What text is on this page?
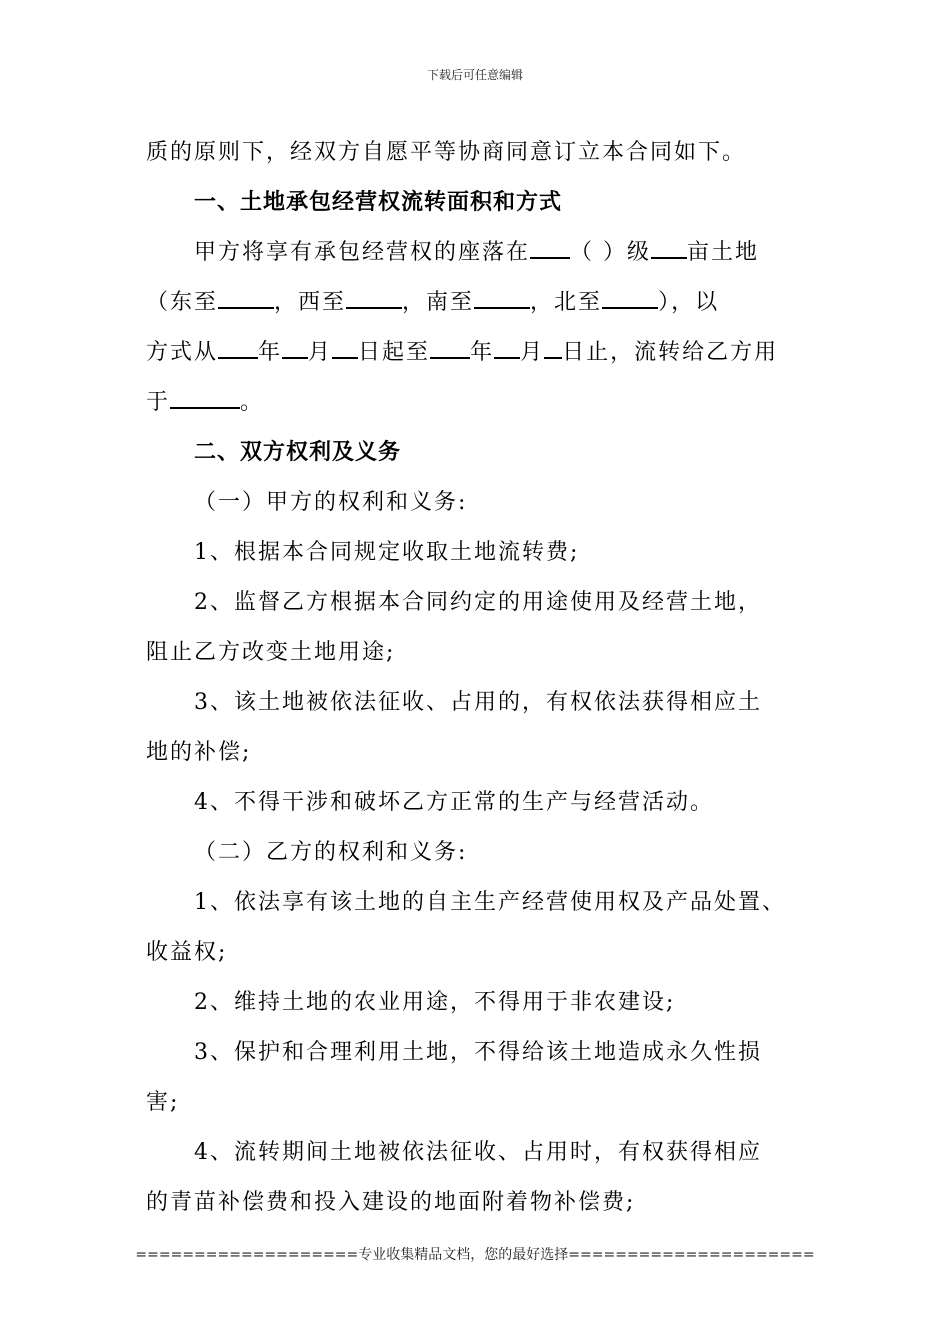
下载后可任意编辑

质的原则下，经双方自愿平等协商同意订立本合同如下。

一、土地承包经营权流转面积和方式

甲方将享有承包经营权的座落在 （ ）级 亩土地

（东至	，西至	，南至	，北至	），以

方式从 年 月 日起至 年 月 日止，流转给乙方用

于	。

二、双方权利及义务

（一）甲方的权利和义务:

1、根据本合同规定收取土地流转费;

2、监督乙方根据本合同约定的用途使用及经营土地，

阻止乙方改变土地用途;

3、该土地被依法征收、占用的，有权依法获得相应土

地的补偿;

4、不得干涉和破坏乙方正常的生产与经营活动。

（二）乙方的权利和义务:

1、依法享有该土地的自主生产经营使用权及产品处置、

收益权;

2、维持土地的农业用途，不得用于非农建设;

3、保护和合理利用土地，不得给该土地造成永久性损

害;

4、流转期间土地被依法征收、占用时，有权获得相应

的青苗补偿费和投入建设的地面附着物补偿费;

===================专业收集精品文档，您的最好选择=====================
